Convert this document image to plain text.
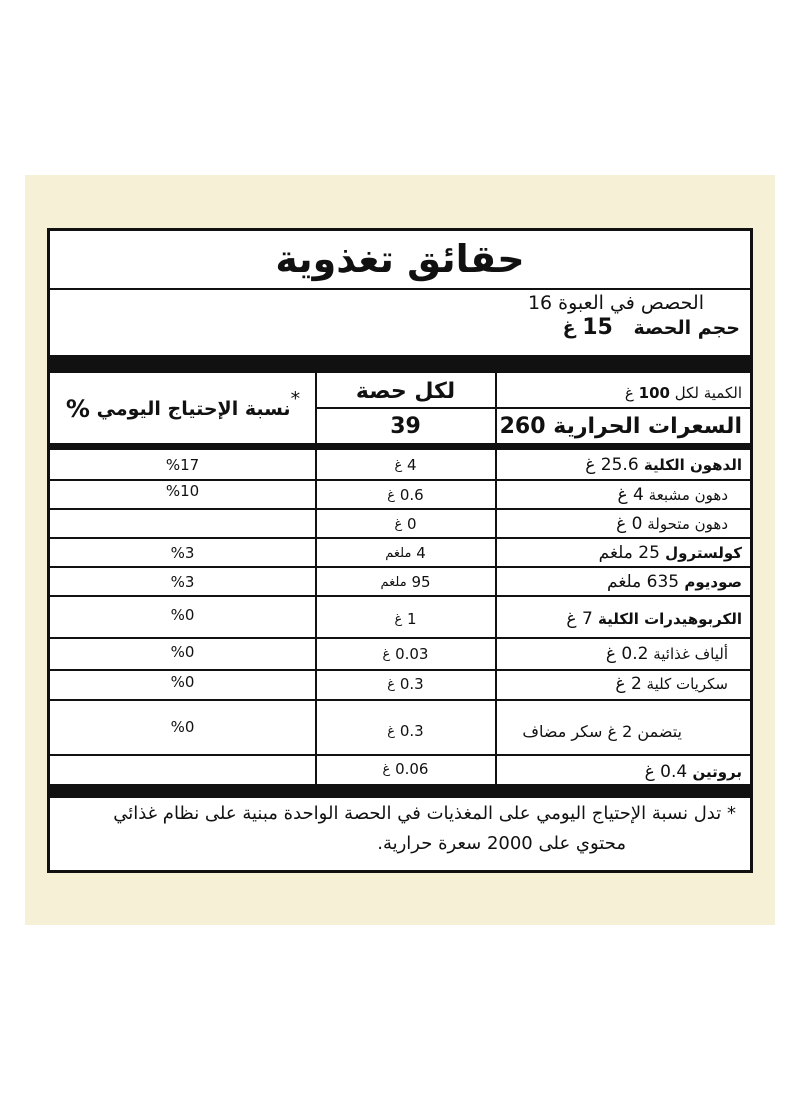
حقائق تغذوية
الحصص في العبوة 16
حجم الحصة 15 غ
الكمية لكل

100

غ
لكل حصة
*
نسبة الإحتياج اليومي

%
السعرات الحرارية

260
39
الدهون الكلية

25.6 غ
4

غ
%17
دهون مشبعة

4 غ
0.6

غ
%10
دهون متحولة

0 غ
0

غ
كولسترول

25 ملغم
4

ملغم
%3
صوديوم

635 ملغم
95

ملغم
%3
الكربوهيدرات الكلية

7 غ
1

غ
%0
ألياف غذائية

0.2 غ
0.03

غ
%0
سكريات كلية

2 غ
0.3

غ
%0
يتضمن 2 غ سكر مضاف
0.3

غ
%0
بروتين

0.4 غ
0.06

غ
* تدل نسبة الإحتياج اليومي على المغذيات في الحصة الواحدة مبنية على نظام غذائي
محتوي على 2000 سعرة حرارية.
